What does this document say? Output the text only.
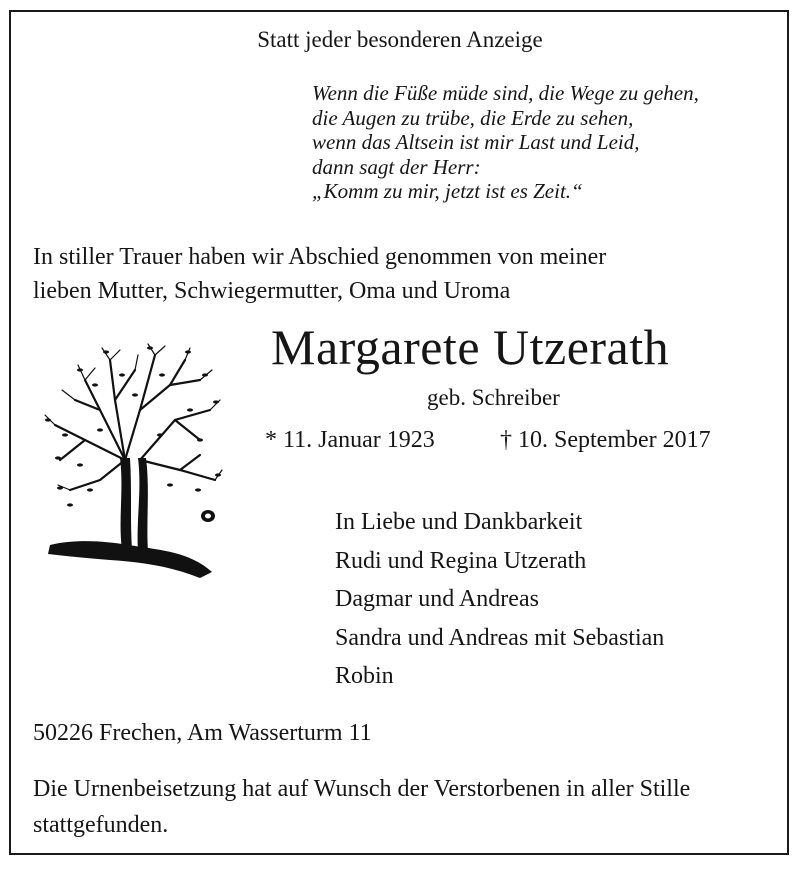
Statt jeder besonderen Anzeige
Wenn die Füße müde sind, die Wege zu gehen,
die Augen zu trübe, die Erde zu sehen,
wenn das Altsein ist mir Last und Leid,
dann sagt der Herr:
„Komm zu mir, jetzt ist es Zeit.“
In stiller Trauer haben wir Abschied genommen von meiner
lieben Mutter, Schwiegermutter, Oma und Uroma
Margarete Utzerath
geb. Schreiber
* 11. Januar 1923	† 10. September 2017
In Liebe und Dankbarkeit
Rudi und Regina Utzerath
Dagmar und Andreas
Sandra und Andreas mit Sebastian
Robin
50226 Frechen, Am Wasserturm 11
Die Urnenbeisetzung hat auf Wunsch der Verstorbenen in aller Stille stattgefunden.
